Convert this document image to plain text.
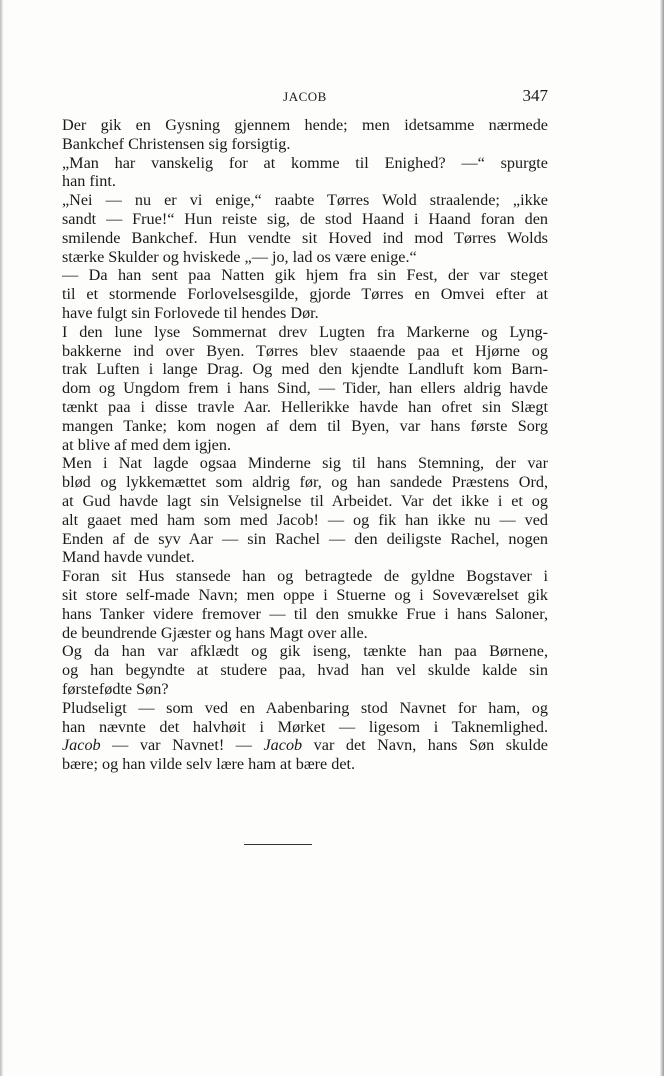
JACOB	347
Der gik en Gysning gjennem hende; men idetsamme nærmede
Bankchef Christensen sig forsigtig.
„Man har vanskelig for at komme til Enighed? —“ spurgte
han fint.
„Nei — nu er vi enige,“ raabte Tørres Wold straalende; „ikke
sandt — Frue!“ Hun reiste sig, de stod Haand i Haand foran den
smilende Bankchef. Hun vendte sit Hoved ind mod Tørres Wolds
stærke Skulder og hviskede „— jo, lad os være enige.“
— Da han sent paa Natten gik hjem fra sin Fest, der var steget
til et stormende Forlovelsesgilde, gjorde Tørres en Omvei efter at
have fulgt sin Forlovede til hendes Dør.
I den lune lyse Sommernat drev Lugten fra Markerne og Lyng-
bakkerne ind over Byen. Tørres blev staaende paa et Hjørne og
trak Luften i lange Drag. Og med den kjendte Landluft kom Barn-
dom og Ungdom frem i hans Sind, — Tider, han ellers aldrig havde
tænkt paa i disse travle Aar. Hellerikke havde han ofret sin Slægt
mangen Tanke; kom nogen af dem til Byen, var hans første Sorg
at blive af med dem igjen.
Men i Nat lagde ogsaa Minderne sig til hans Stemning, der var
blød og lykkemættet som aldrig før, og han sandede Præstens Ord,
at Gud havde lagt sin Velsignelse til Arbeidet. Var det ikke i et og
alt gaaet med ham som med Jacob! — og fik han ikke nu — ved
Enden af de syv Aar — sin Rachel — den deiligste Rachel, nogen
Mand havde vundet.
Foran sit Hus stansede han og betragtede de gyldne Bogstaver i
sit store self-made Navn; men oppe i Stuerne og i Soveværelset gik
hans Tanker videre fremover — til den smukke Frue i hans Saloner,
de beundrende Gjæster og hans Magt over alle.
Og da han var afklædt og gik iseng, tænkte han paa Børnene,
og han begyndte at studere paa, hvad han vel skulde kalde sin
førstefødte Søn?
Pludseligt — som ved en Aabenbaring stod Navnet for ham, og
han nævnte det halvhøit i Mørket — ligesom i Taknemlighed.
Jacob — var Navnet! — Jacob var det Navn, hans Søn skulde
bære; og han vilde selv lære ham at bære det.
